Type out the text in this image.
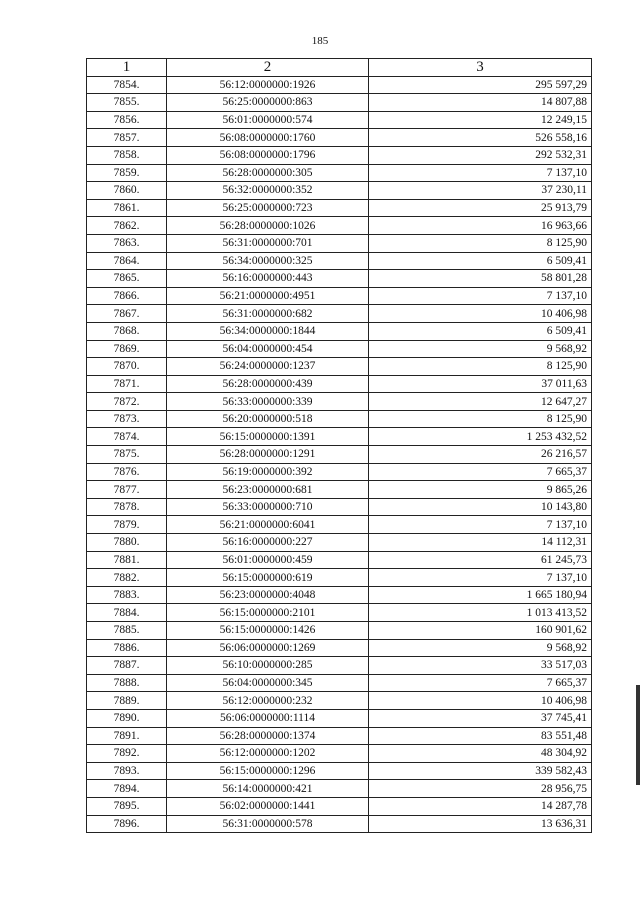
185
1	2	3
7854.	56:12:0000000:1926	295 597,29
7855.	56:25:0000000:863	14 807,88
7856.	56:01:0000000:574	12 249,15
7857.	56:08:0000000:1760	526 558,16
7858.	56:08:0000000:1796	292 532,31
7859.	56:28:0000000:305	7 137,10
7860.	56:32:0000000:352	37 230,11
7861.	56:25:0000000:723	25 913,79
7862.	56:28:0000000:1026	16 963,66
7863.	56:31:0000000:701	8 125,90
7864.	56:34:0000000:325	6 509,41
7865.	56:16:0000000:443	58 801,28
7866.	56:21:0000000:4951	7 137,10
7867.	56:31:0000000:682	10 406,98
7868.	56:34:0000000:1844	6 509,41
7869.	56:04:0000000:454	9 568,92
7870.	56:24:0000000:1237	8 125,90
7871.	56:28:0000000:439	37 011,63
7872.	56:33:0000000:339	12 647,27
7873.	56:20:0000000:518	8 125,90
7874.	56:15:0000000:1391	1 253 432,52
7875.	56:28:0000000:1291	26 216,57
7876.	56:19:0000000:392	7 665,37
7877.	56:23:0000000:681	9 865,26
7878.	56:33:0000000:710	10 143,80
7879.	56:21:0000000:6041	7 137,10
7880.	56:16:0000000:227	14 112,31
7881.	56:01:0000000:459	61 245,73
7882.	56:15:0000000:619	7 137,10
7883.	56:23:0000000:4048	1 665 180,94
7884.	56:15:0000000:2101	1 013 413,52
7885.	56:15:0000000:1426	160 901,62
7886.	56:06:0000000:1269	9 568,92
7887.	56:10:0000000:285	33 517,03
7888.	56:04:0000000:345	7 665,37
7889.	56:12:0000000:232	10 406,98
7890.	56:06:0000000:1114	37 745,41
7891.	56:28:0000000:1374	83 551,48
7892.	56:12:0000000:1202	48 304,92
7893.	56:15:0000000:1296	339 582,43
7894.	56:14:0000000:421	28 956,75
7895.	56:02:0000000:1441	14 287,78
7896.	56:31:0000000:578	13 636,31
